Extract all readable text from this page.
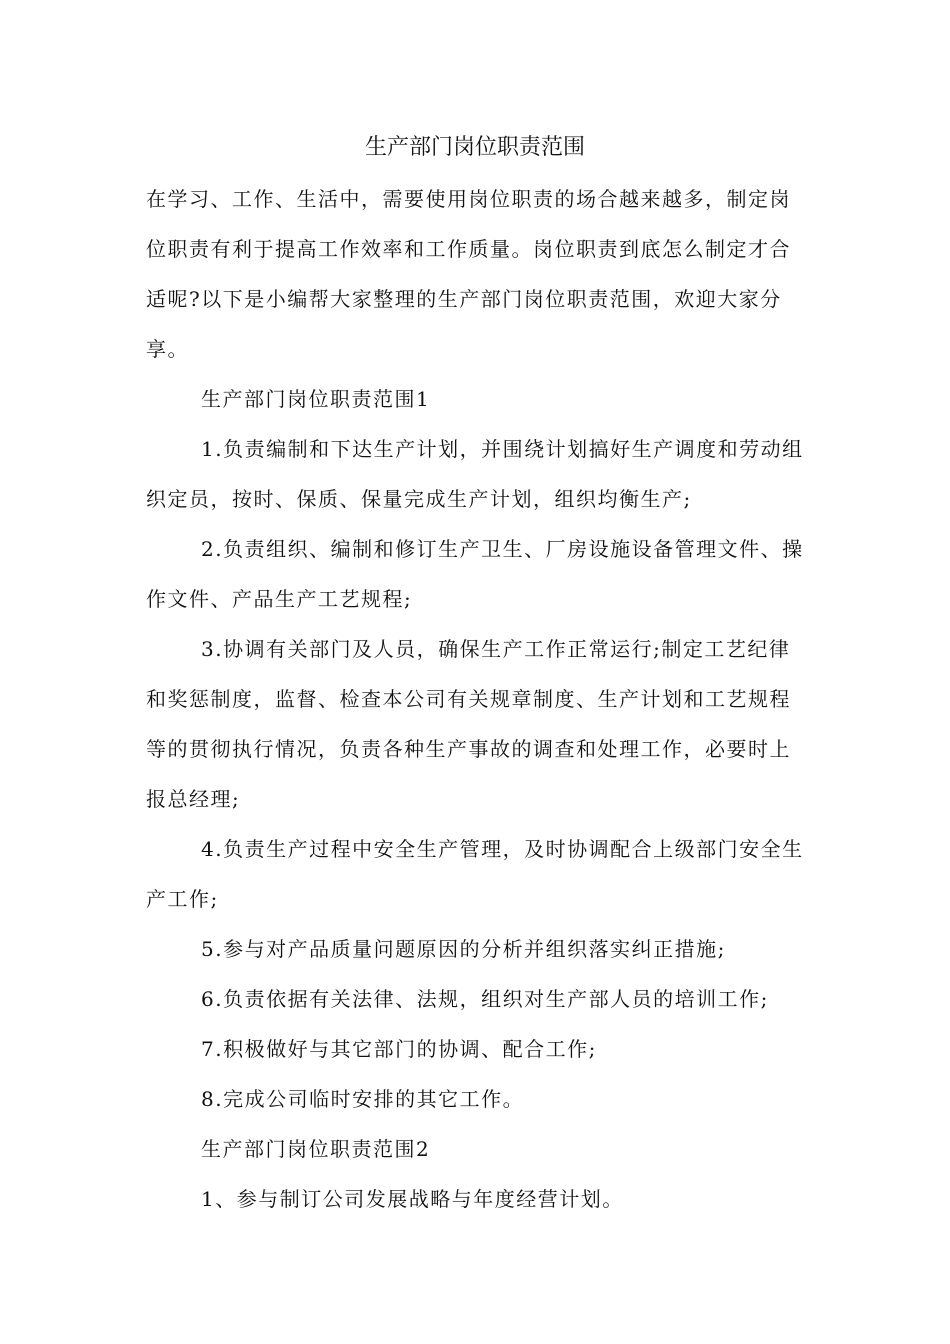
生产部门岗位职责范围

在学习、工作、生活中，需要使用岗位职责的场合越来越多，制定岗位职责有利于提高工作效率和工作质量。岗位职责到底怎么制定才合适呢?以下是小编帮大家整理的生产部门岗位职责范围，欢迎大家分享。

生产部门岗位职责范围1

1.负责编制和下达生产计划，并围绕计划搞好生产调度和劳动组织定员，按时、保质、保量完成生产计划，组织均衡生产;

2.负责组织、编制和修订生产卫生、厂房设施设备管理文件、操作文件、产品生产工艺规程;

3.协调有关部门及人员，确保生产工作正常运行;制定工艺纪律和奖惩制度，监督、检查本公司有关规章制度、生产计划和工艺规程等的贯彻执行情况，负责各种生产事故的调查和处理工作，必要时上报总经理;

4.负责生产过程中安全生产管理，及时协调配合上级部门安全生产工作;

5.参与对产品质量问题原因的分析并组织落实纠正措施;

6.负责依据有关法律、法规，组织对生产部人员的培训工作;

7.积极做好与其它部门的协调、配合工作;

8.完成公司临时安排的其它工作。

生产部门岗位职责范围2

1、参与制订公司发展战略与年度经营计划。
